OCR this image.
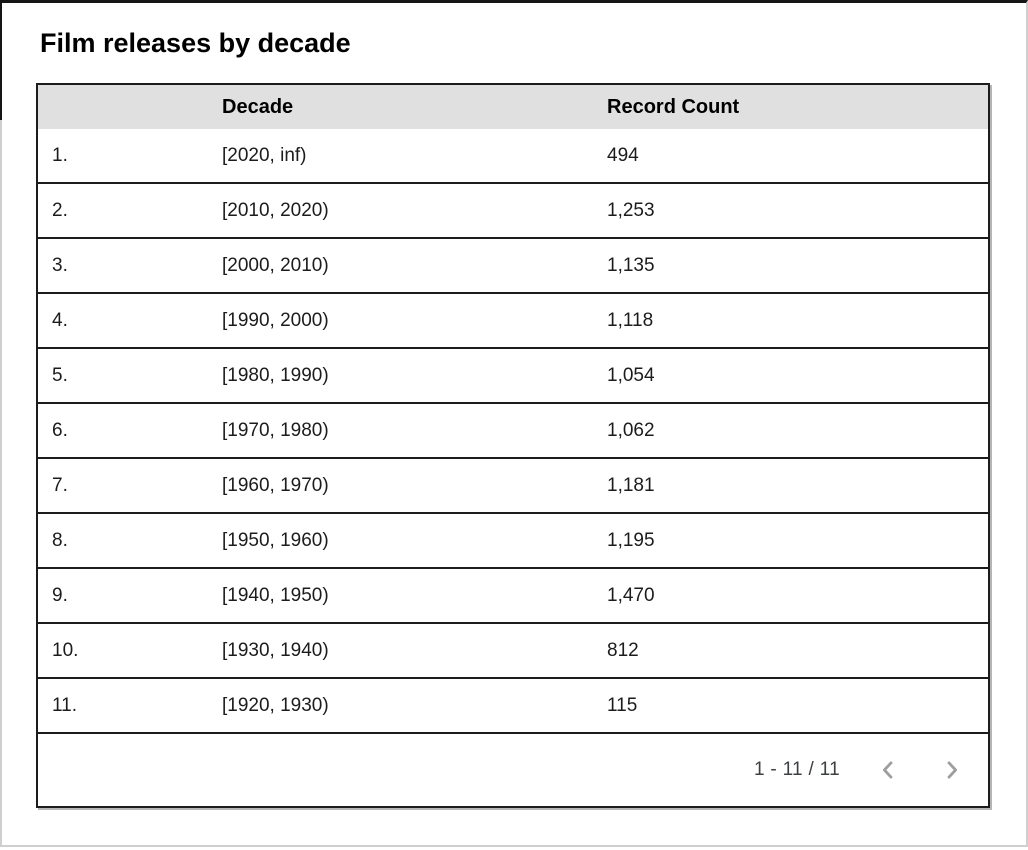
Film releases by decade
	Decade	Record Count
1.	[2020, inf)	494
2.	[2010, 2020)	1,253
3.	[2000, 2010)	1,135
4.	[1990, 2000)	1,118
5.	[1980, 1990)	1,054
6.	[1970, 1980)	1,062
7.	[1960, 1970)	1,181
8.	[1950, 1960)	1,195
9.	[1940, 1950)	1,470
10.	[1930, 1940)	812
11.	[1920, 1930)	115
1 - 11 / 11
